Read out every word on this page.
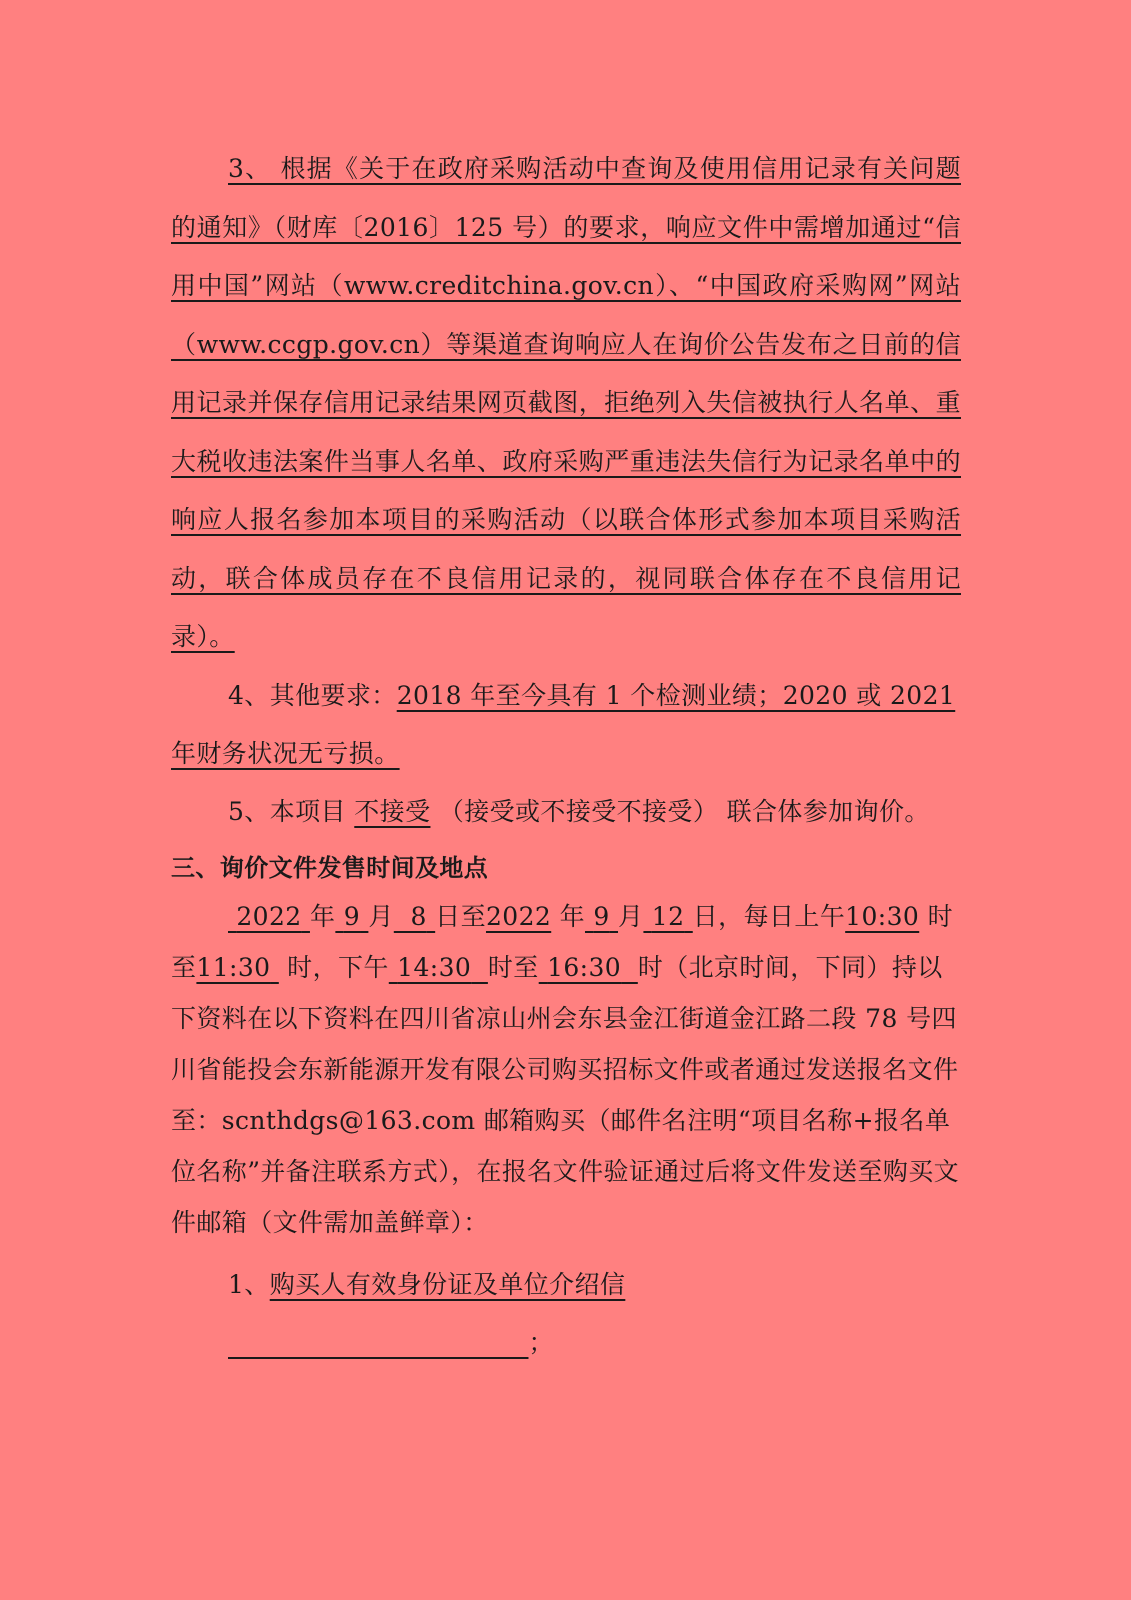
3、 根据《关于在政府采购活动中查询及使用信用记录有关问题的通知》（财库〔2016〕125 号）的要求，响应文件中需增加通过“信用中国”网站（www.creditchina.gov.cn）、“中国政府采购网”网站（www.ccgp.gov.cn）等渠道查询响应人在询价公告发布之日前的信用记录并保存信用记录结果网页截图，拒绝列入失信被执行人名单、重大税收违法案件当事人名单、政府采购严重违法失信行为记录名单中的响应人报名参加本项目的采购活动（以联合体形式参加本项目采购活动，联合体成员存在不良信用记录的，视同联合体存在不良信用记录）。

4、其他要求：2018 年至今具有 1 个检测业绩；2020 或 2021 年财务状况无亏损。

5、本项目 不接受 （接受或不接受不接受） 联合体参加询价。

三、询价文件发售时间及地点

2022 年 9 月 8 日至2022 年 9 月 12 日，每日上午10:30 时至11:30 时，下午 14:30 时至 16:30 时（北京时间，下同）持以下资料在以下资料在四川省凉山州会东县金江街道金江路二段 78 号四川省能投会东新能源开发有限公司购买招标文件或者通过发送报名文件至：scnthdgs@163.com 邮箱购买（邮件名注明“项目名称+报名单位名称”并备注联系方式），在报名文件验证通过后将文件发送至购买文件邮箱（文件需加盖鲜章）：

1、购买人有效身份证及单位介绍信                                    ；
